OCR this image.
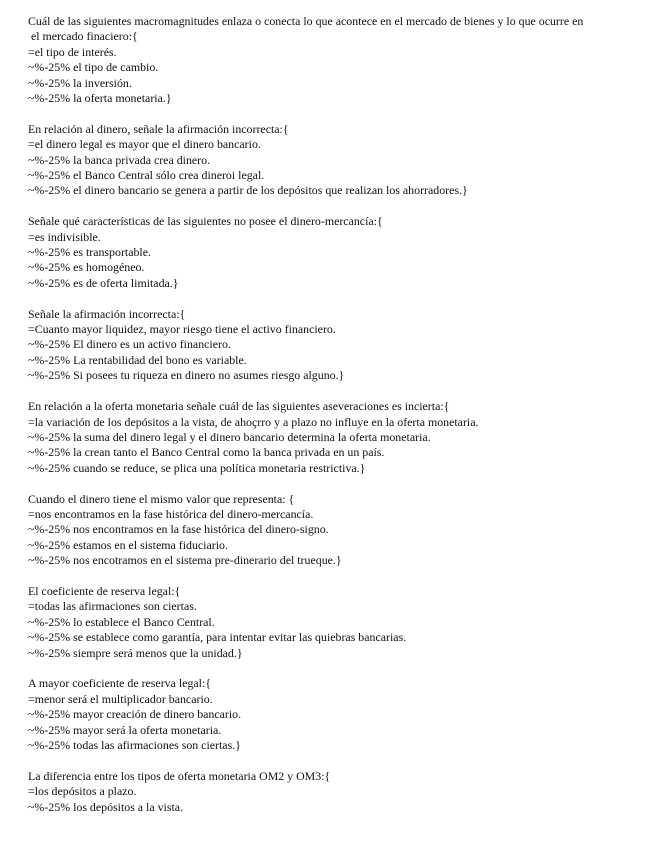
Cuál de las siguientes macromagnitudes enlaza o conecta lo que acontece en el mercado de bienes y lo que ocurre en
el mercado finaciero:{
=el tipo de interés.
~%-25% el tipo de cambio.
~%-25% la inversión.
~%-25% la oferta monetaria.}
En relación al dinero, señale la afirmación incorrecta:{
=el dinero legal es mayor que el dinero bancario.
~%-25% la banca privada crea dinero.
~%-25% el Banco Central sólo crea dineroi legal.
~%-25% el dinero bancario se genera a partir de los depósitos que realizan los ahorradores.}
Señale qué características de las siguientes no posee el dinero-mercancía:{
=es indivisible.
~%-25% es transportable.
~%-25% es homogéneo.
~%-25% es de oferta limitada.}
Señale la afirmación incorrecta:{
=Cuanto mayor liquidez, mayor riesgo tiene el activo financiero.
~%-25% El dinero es un activo financiero.
~%-25% La rentabilidad del bono es variable.
~%-25% Si posees tu riqueza en dinero no asumes riesgo alguno.}
En relación a la oferta monetaria señale cuál de las siguientes aseveraciones es incierta:{
=la variación de los depósitos a la vista, de ahoçrro y a plazo no influye en la oferta monetaria.
~%-25% la suma del dinero legal y el dinero bancario determina la oferta monetaria.
~%-25% la crean tanto el Banco Central como la banca privada en un país.
~%-25% cuando se reduce, se plica una política monetaria restrictiva.}
Cuando el dinero tiene el mismo valor que representa: {
=nos encontramos en la fase histórica del dinero-mercancía.
~%-25% nos encontramos en la fase histórica del dinero-signo.
~%-25% estamos en el sistema fiduciario.
~%-25% nos encotramos en el sistema pre-dinerario del trueque.}
El coeficiente de reserva legal:{
=todas las afirmaciones son ciertas.
~%-25% lo establece el Banco Central.
~%-25% se establece como garantía, para intentar evitar las quiebras bancarias.
~%-25% siempre será menos que la unidad.}
A mayor coeficiente de reserva legal:{
=menor será el multiplicador bancario.
~%-25% mayor creación de dinero bancario.
~%-25% mayor será la oferta monetaria.
~%-25% todas las afirmaciones son ciertas.}
La diferencia entre los tipos de oferta monetaria OM2 y OM3:{
=los depósitos a plazo.
~%-25% los depósitos a la vista.
